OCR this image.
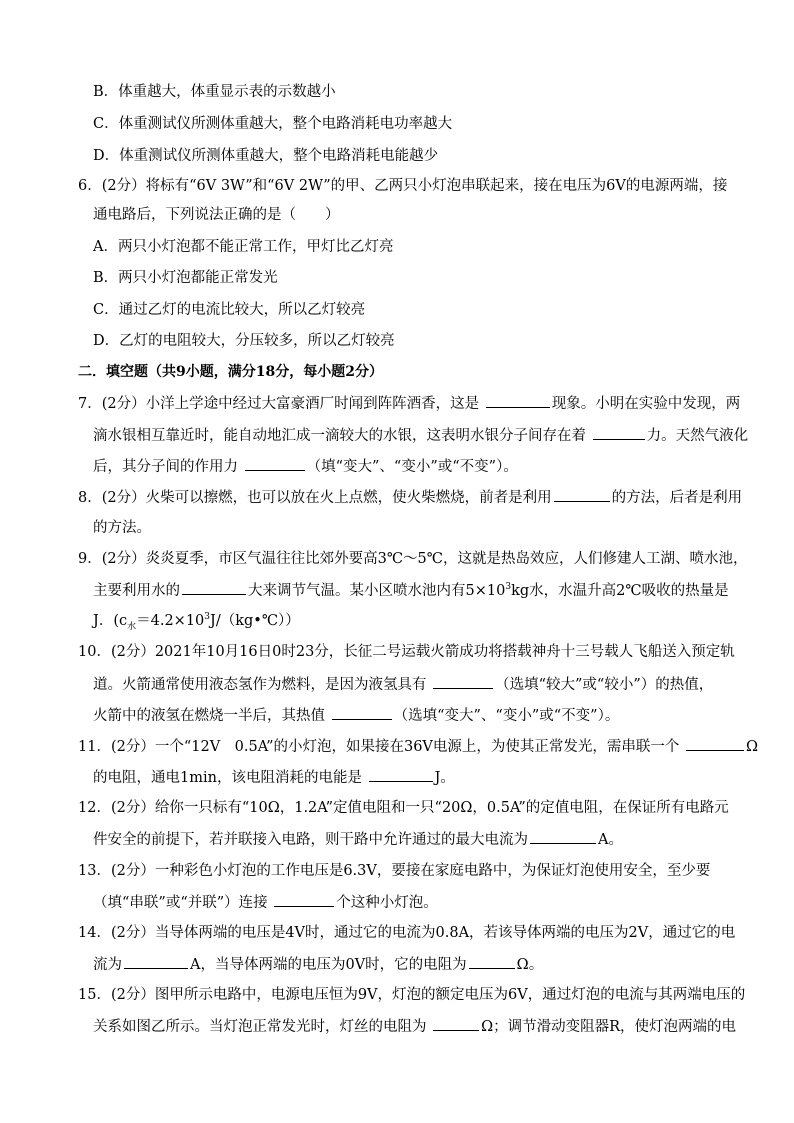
B．体重越大，体重显示表的示数越小
C．体重测试仪所测体重越大，整个电路消耗电功率越大
D．体重测试仪所测体重越大，整个电路消耗电能越少
6．(2分）将标有“6V 3W”和“6V 2W”的甲、乙两只小灯泡串联起来，接在电压为6V的电源两端，接
通电路后，下列说法正确的是（　　）
A．两只小灯泡都不能正常工作，甲灯比乙灯亮
B．两只小灯泡都能正常发光
C．通过乙灯的电流比较大，所以乙灯较亮
D．乙灯的电阻较大，分压较多，所以乙灯较亮
二．填空题（共9小题，满分18分，每小题2分）
7．(2分）小洋上学途中经过大富豪酒厂时闻到阵阵酒香，这是	现象。小明在实验中发现，两
滴水银相互靠近时，能自动地汇成一滴较大的水银，这表明水银分子间存在着	力。天然气液化
后，其分子间的作用力	（填“变大”、“变小”或“不变”）。
8．(2分）火柴可以擦燃，也可以放在火上点燃，使火柴燃烧，前者是利用	的方法，后者是利用
的方法。
9．(2分）炎炎夏季，市区气温往往比郊外要高3℃～5℃，这就是热岛效应，人们修建人工湖、喷水池，
主要利用水的	大来调节气温。某小区喷水池内有$5\times 10^3kg$水，水温升高2℃吸收的热量是
J．$(c_水=4.2\times 10^3J/(kg•℃))$
10．(2分）2021年10月16日0时23分，长征二号运载火箭成功将搭载神舟十三号载人飞船送入预定轨
道。火箭通常使用液态氢作为燃料，是因为液氢具有	（选填“较大”或“较小”）的热值，
火箭中的液氢在燃烧一半后，其热值	（选填“变大”、“变小”或“不变”）。
11．(2分）一个“12V　0.5A”的小灯泡，如果接在36V电源上，为使其正常发光，需串联一个	Ω
的电阻，通电1min，该电阻消耗的电能是	J。
12．(2分）给你一只标有“10Ω，1.2A”定值电阻和一只“20Ω，0.5A”的定值电阻，在保证所有电路元
件安全的前提下，若并联接入电路，则干路中允许通过的最大电流为	A。
13．(2分）一种彩色小灯泡的工作电压是6.3V，要接在家庭电路中，为保证灯泡使用安全，至少要
（填“串联”或“并联”）连接	个这种小灯泡。
14．(2分）当导体两端的电压是4V时，通过它的电流为0.8A，若该导体两端的电压为2V，通过它的电
流为	A，当导体两端的电压为0V时，它的电阻为	Ω。
15．(2分）图甲所示电路中，电源电压恒为9V，灯泡的额定电压为6V，通过灯泡的电流与其两端电压的
关系如图乙所示。当灯泡正常发光时，灯丝的电阻为	Ω；调节滑动变阻器R，使灯泡两端的电
